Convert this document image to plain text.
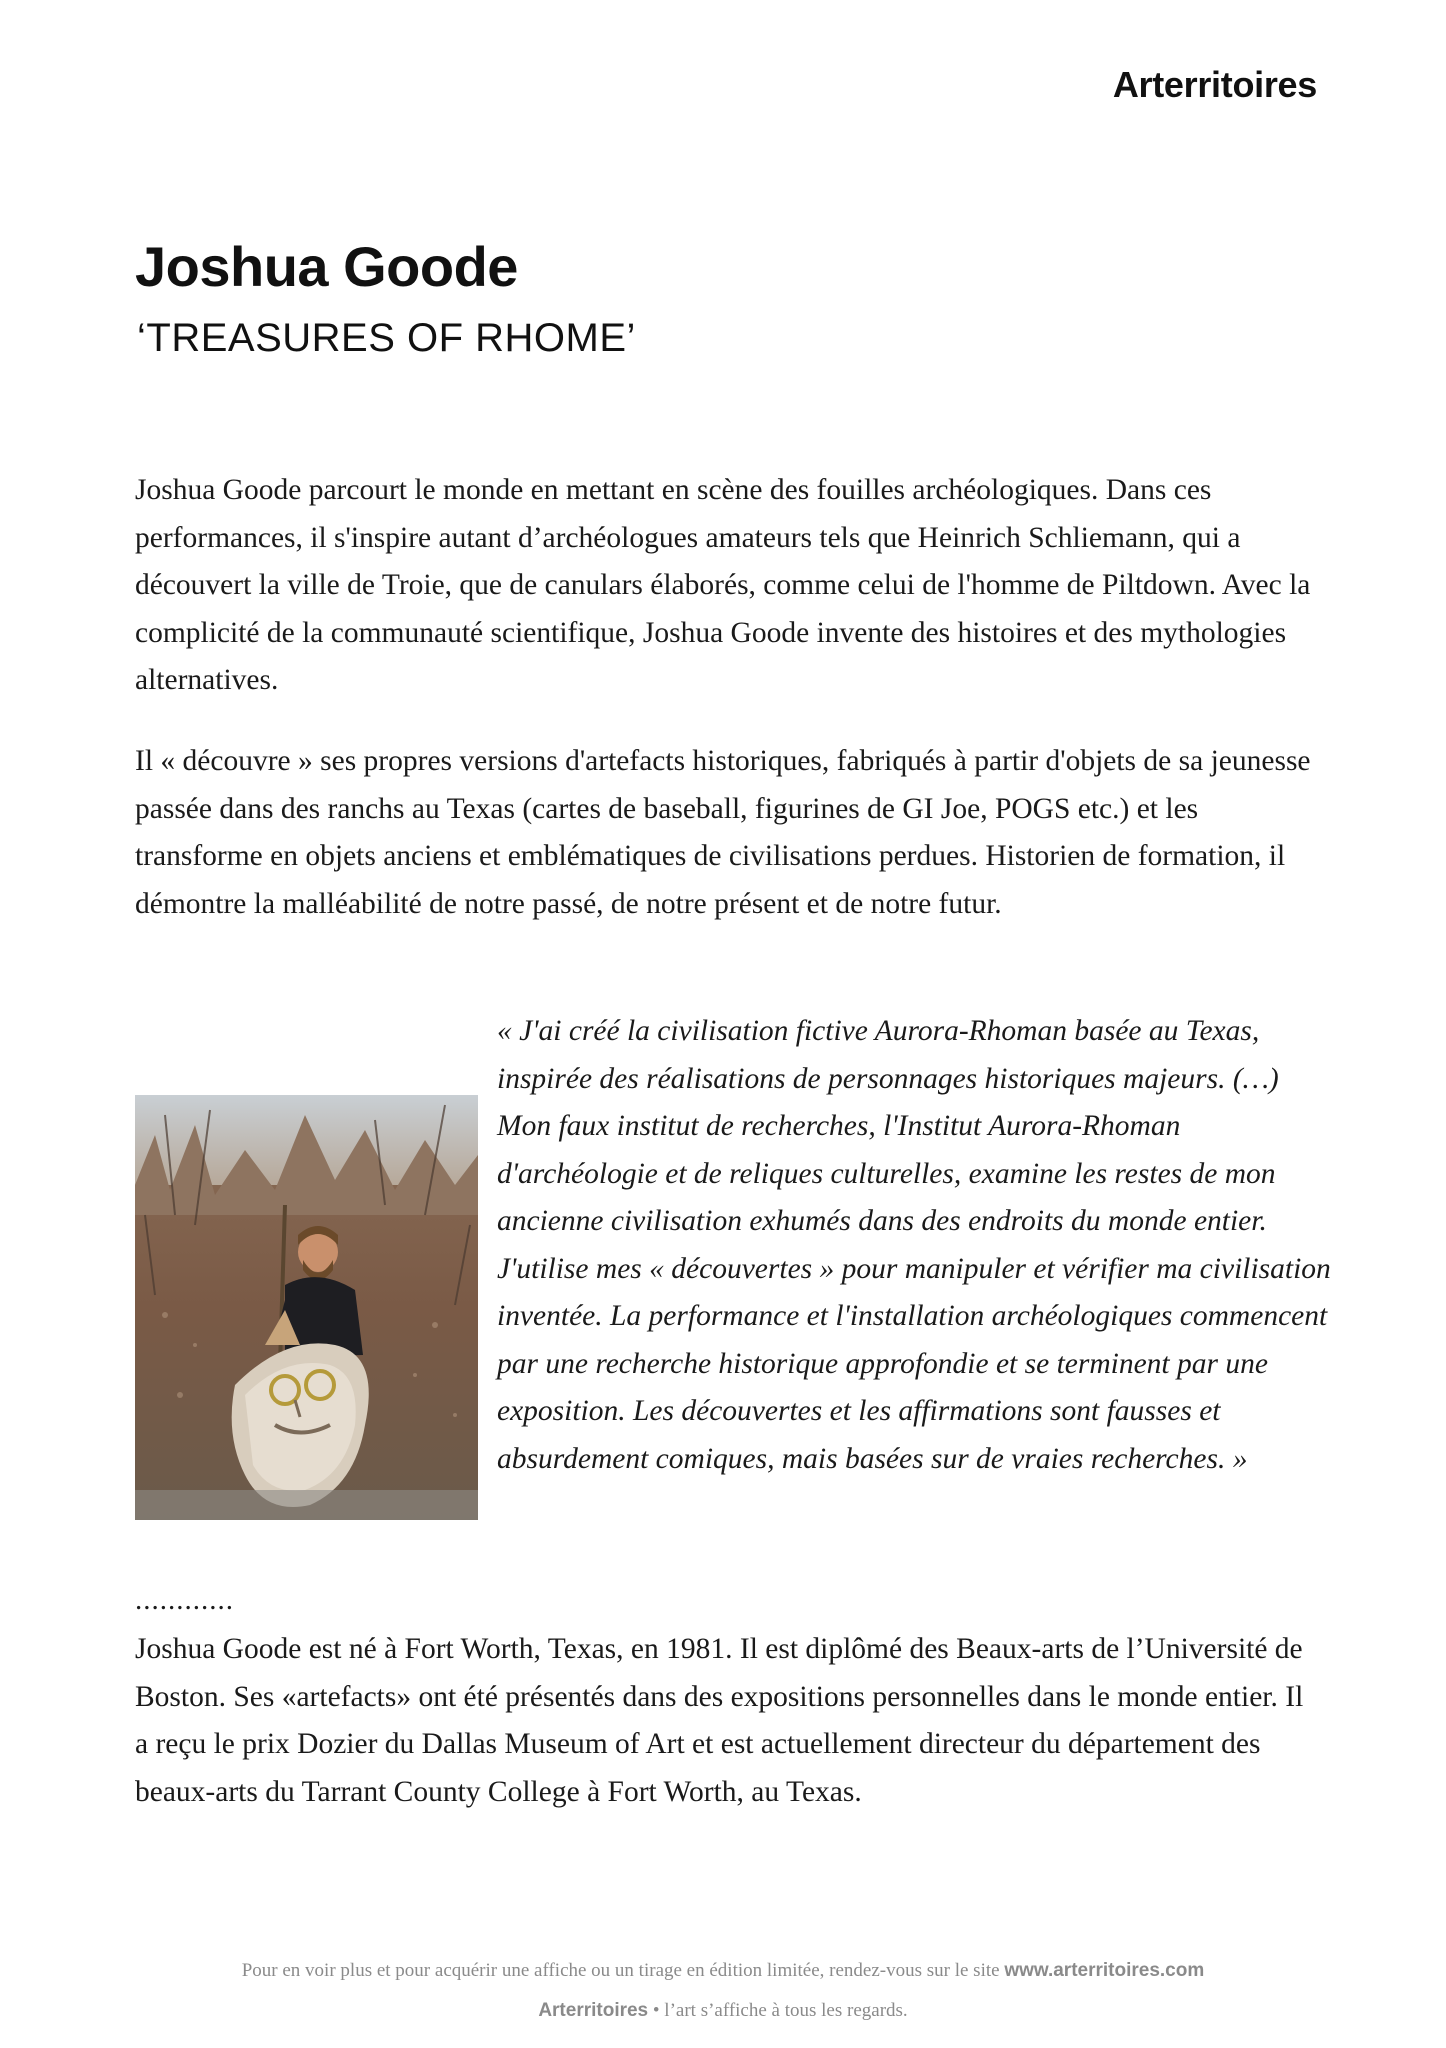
Arterritoires
Joshua Goode
‘TREASURES OF RHOME’

Joshua Goode parcourt le monde en mettant en scène des fouilles archéologiques. Dans ces performances, il s'inspire autant d’archéologues amateurs tels que Heinrich Schliemann, qui a découvert la ville de Troie, que de canulars élaborés, comme celui de l'homme de Piltdown. Avec la complicité de la communauté scientifique, Joshua Goode invente des histoires et des mythologies alternatives.

Il « découvre » ses propres versions d'artefacts historiques, fabriqués à partir d'objets de sa jeunesse passée dans des ranchs au Texas (cartes de baseball, figurines de GI Joe, POGS etc.) et les transforme en objets anciens et emblématiques de civilisations perdues. Historien de formation, il démontre la malléabilité de notre passé, de notre présent et de notre futur.

« J'ai créé la civilisation fictive Aurora-Rhoman basée au Texas, inspirée des réalisations de personnages historiques majeurs. (…) Mon faux institut de recherches, l'Institut Aurora-Rhoman d'archéologie et de reliques culturelles, examine les restes de mon ancienne civilisation exhumés dans des endroits du monde entier. J'utilise mes « découvertes » pour manipuler et vérifier ma civilisation inventée. La performance et l'installation archéologiques commencent par une recherche historique approfondie et se terminent par une exposition. Les découvertes et les affirmations sont fausses et absurdement comiques, mais basées sur de vraies recherches. »

............

Joshua Goode est né à Fort Worth, Texas, en 1981. Il est diplômé des Beaux-arts de l’Université de Boston. Ses «artefacts» ont été présentés dans des expositions personnelles dans le monde entier. Il a reçu le prix Dozier du Dallas Museum of Art et est actuellement directeur du département des beaux-arts du Tarrant County College à Fort Worth, au Texas.

Pour en voir plus et pour acquérir une affiche ou un tirage en édition limitée, rendez-vous sur le site www.arterritoires.com
Arterritoires • l’art s’affiche à tous les regards.
